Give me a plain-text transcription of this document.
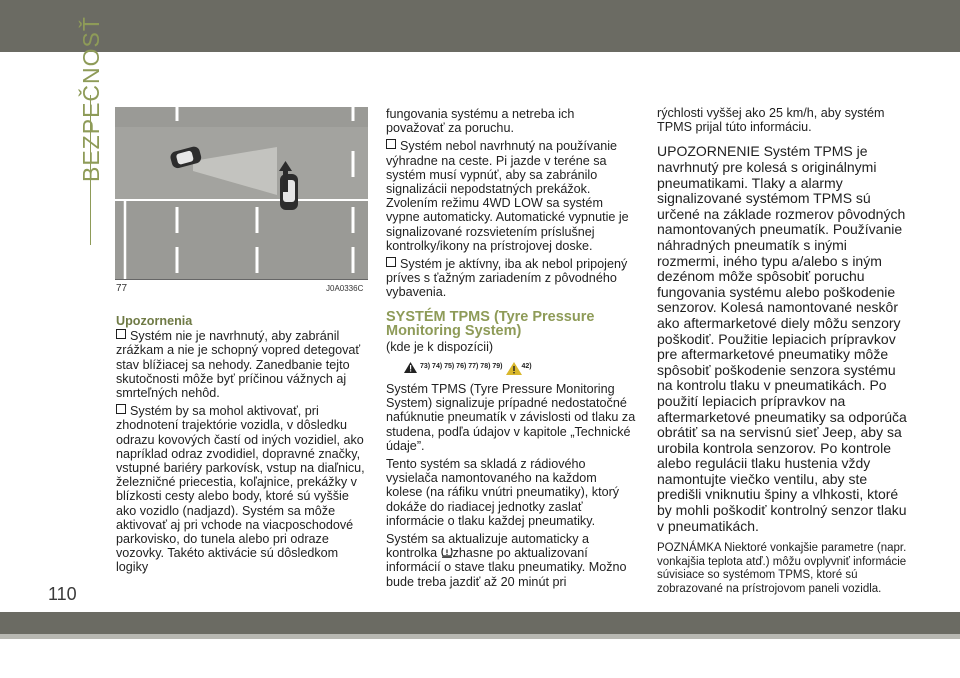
BEZPEČNOSŤ
77	J0A0336C
Upozornenia

Systém nie je navrhnutý, aby zabránil zrážkam a nie je schopný vopred detegovať stav blížiacej sa nehody. Zanedbanie tejto skutočnosti môže byť príčinou vážnych aj smrteľných nehôd.

Systém by sa mohol aktivovať, pri zhodnotení trajektórie vozidla, v dôsledku odrazu kovových častí od iných vozidiel, ako napríklad odraz zvodidiel, dopravné značky, vstupné bariéry parkovísk, vstup na diaľnicu, železničné priecestia, koľajnice, prekážky v blízkosti cesty alebo body, ktoré sú vyššie ako vozidlo (nadjazd). Systém sa môže aktivovať aj pri vchode na viacposchodové parkovisko, do tunela alebo pri odraze vozovky. Takéto aktivácie sú dôsledkom logiky

fungovania systému a netreba ich považovať za poruchu.

Systém nebol navrhnutý na používanie výhradne na ceste. Pi jazde v teréne sa systém musí vypnúť, aby sa zabránilo signalizácii nepodstatných prekážok. Zvolením režimu 4WD LOW sa systém vypne automaticky. Automatické vypnutie je signalizované rozsvietením príslušnej kontrolky/ikony na prístrojovej doske.

Systém je aktívny, iba ak nebol pripojený príves s ťažným zariadením z pôvodného vybavenia.

SYSTÉM TPMS (Tyre Pressure Monitoring System)

(kde je k dispozícii)

73) 74) 75) 76) 77) 78) 79)	42)

Systém TPMS (Tyre Pressure Monitoring System) signalizuje prípadné nedostatočné nafúknutie pneumatík v závislosti od tlaku za studena, podľa údajov v kapitole „Technické údaje”.

Tento systém sa skladá z rádiového vysielača namontovaného na každom kolese (na ráfiku vnútri pneumatiky), ktorý dokáže do riadiacej jednotky zaslať informácie o tlaku každej pneumatiky.

Systém sa aktualizuje automaticky a kontrolka zhasne po aktualizovaní informácií o stave tlaku pneumatiky. Možno bude treba jazdiť až 20 minút pri

rýchlosti vyššej ako 25 km/h, aby systém TPMS prijal túto informáciu.

UPOZORNENIE Systém TPMS je navrhnutý pre kolesá s originálnymi pneumatikami. Tlaky a alarmy signalizované systémom TPMS sú určené na základe rozmerov pôvodných namontovaných pneumatík. Používanie náhradných pneumatík s inými rozmermi, iného typu a/alebo s iným dezénom môže spôsobiť poruchu fungovania systému alebo poškodenie senzorov. Kolesá namontované neskôr ako aftermarketové diely môžu senzory poškodiť. Použitie lepiacich prípravkov pre aftermarketové pneumatiky môže spôsobiť poškodenie senzora systému na kontrolu tlaku v pneumatikách. Po použití lepiacich prípravkov na aftermarketové pneumatiky sa odporúča obrátiť sa na servisnú sieť Jeep, aby sa urobila kontrola senzorov. Po kontrole alebo regulácii tlaku hustenia vždy namontujte viečko ventilu, aby ste predišli vniknutiu špiny a vlhkosti, ktoré by mohli poškodiť kontrolný senzor tlaku v pneumatikách.

POZNÁMKA Niektoré vonkajšie parametre (napr. vonkajšia teplota atď.) môžu ovplyvniť informácie súvisiace so systémom TPMS, ktoré sú zobrazované na prístrojovom paneli vozidla.

110
